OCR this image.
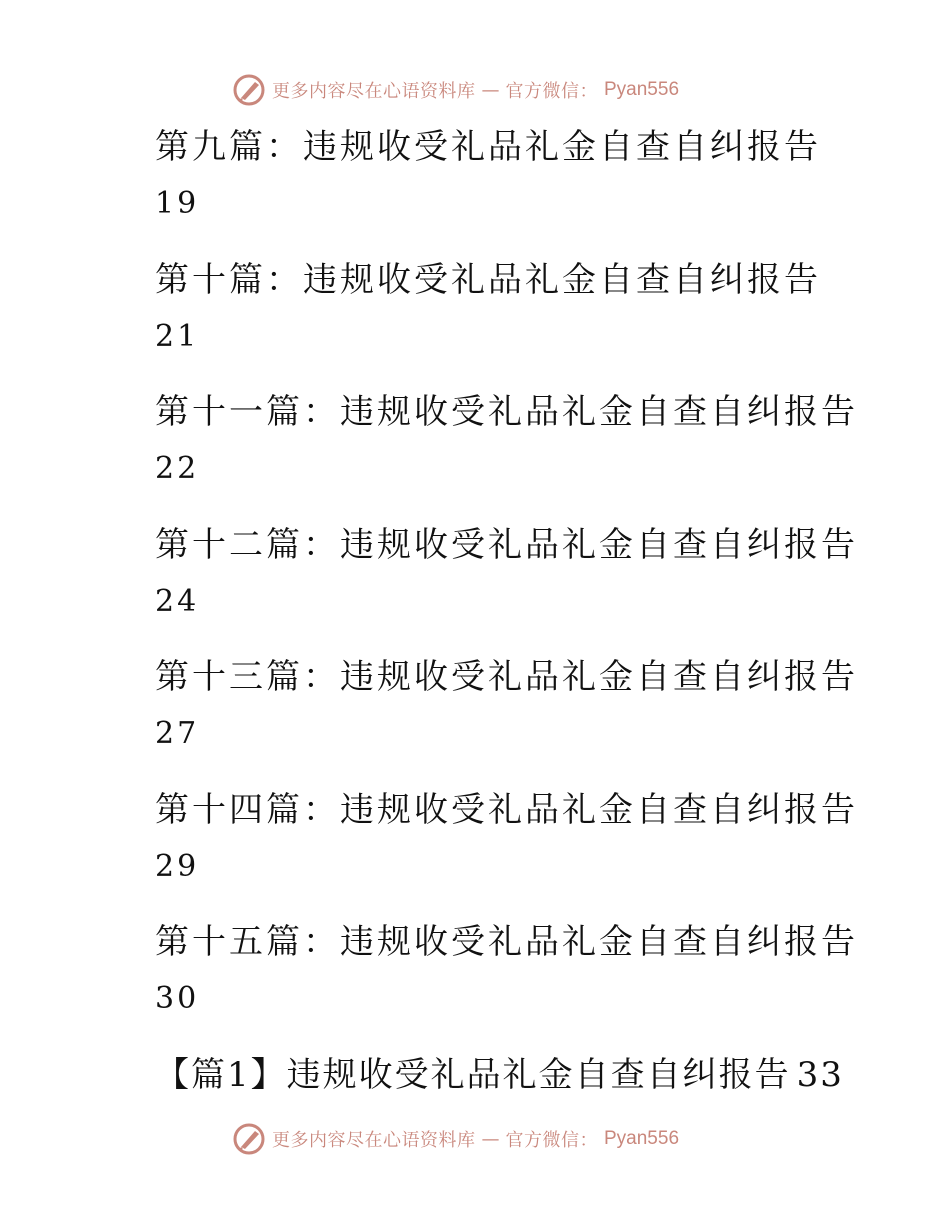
更多内容尽在心语资料库 — 官方微信： Pyan556
第九篇：违规收受礼品礼金自查自纠报告
19
第十篇：违规收受礼品礼金自查自纠报告
21
第十一篇：违规收受礼品礼金自查自纠报告
22
第十二篇：违规收受礼品礼金自查自纠报告
24
第十三篇：违规收受礼品礼金自查自纠报告
27
第十四篇：违规收受礼品礼金自查自纠报告
29
第十五篇：违规收受礼品礼金自查自纠报告
30
【篇1】违规收受礼品礼金自查自纠报告 33
更多内容尽在心语资料库 — 官方微信： Pyan556
